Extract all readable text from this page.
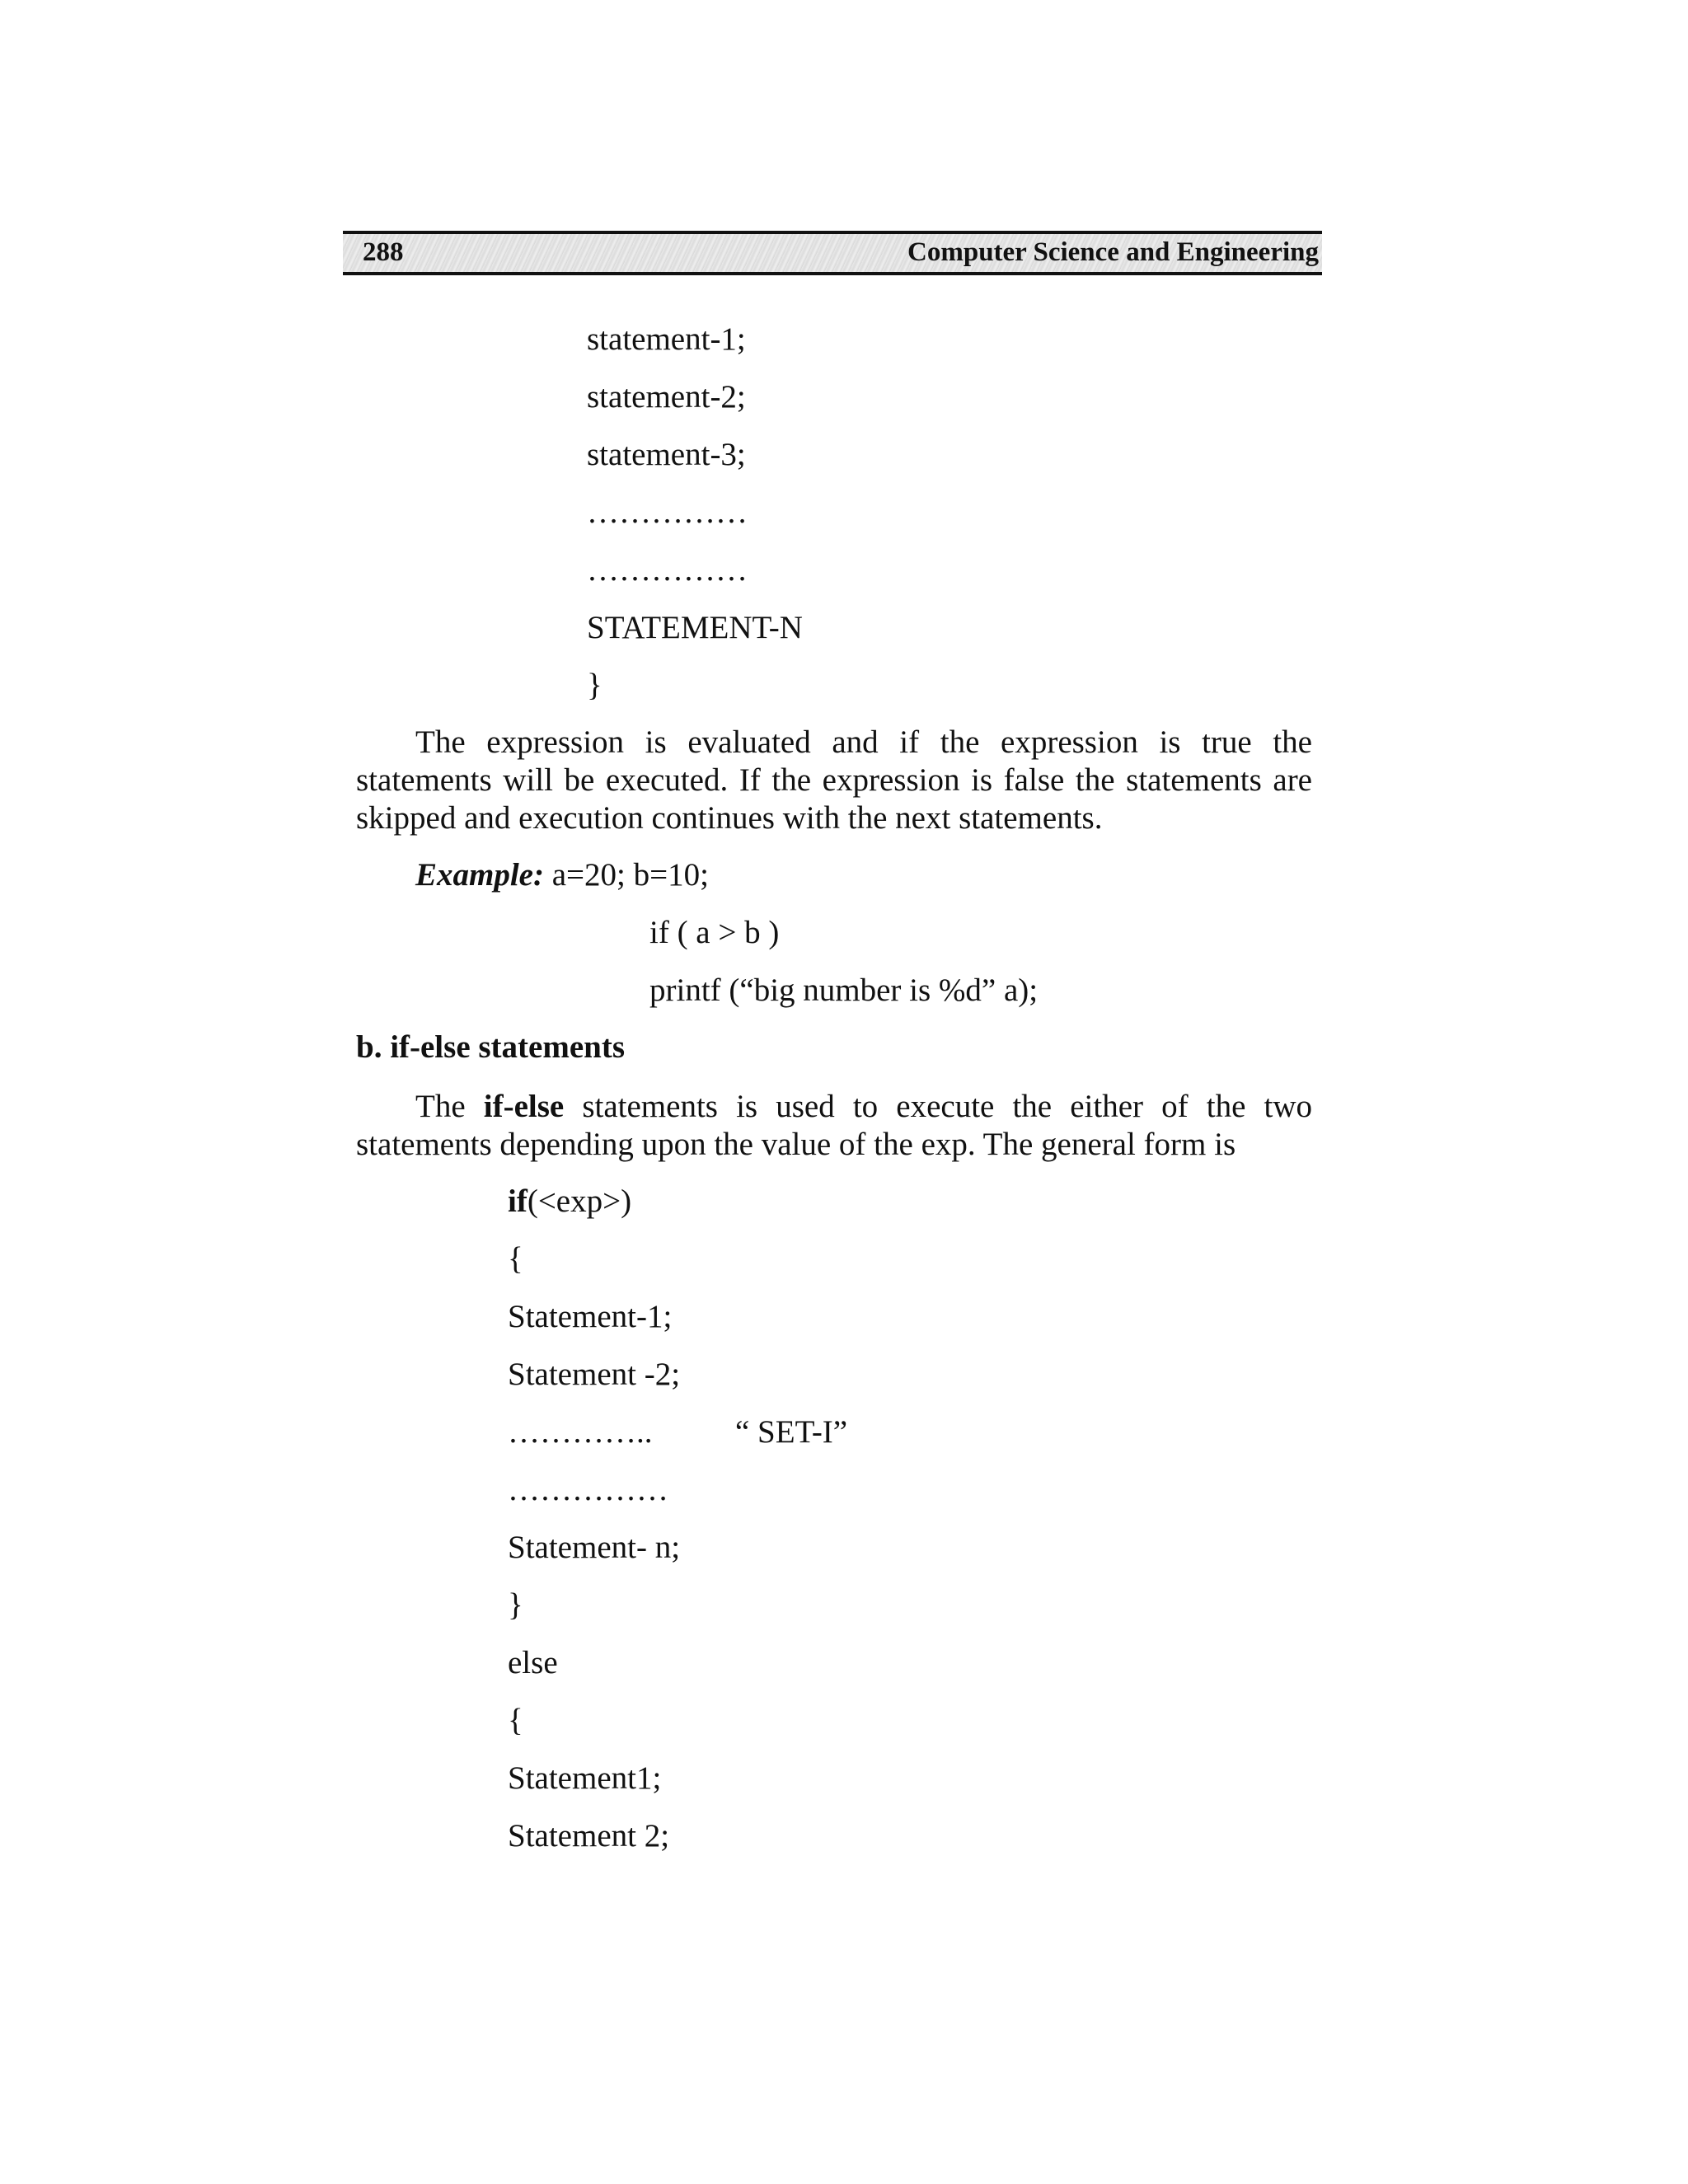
288	Computer Science and Engineering
statement-1;
statement-2;
statement-3;
……………
……………
STATEMENT-N
}

The expression is evaluated and if the expression is true the statements will be executed. If the expression is false the statements are skipped and execution continues with the next statements.

Example: a=20; b=10;
if ( a > b )
printf (“big number is %d” a);
b. if-else statements

The if-else statements is used to execute the either of the two statements depending upon the value of the exp. The general form is

if(<exp>)
{
Statement-1;
Statement -2;
…………..	“ SET-I”
……………
Statement- n;
}
else
{
Statement1;
Statement 2;
